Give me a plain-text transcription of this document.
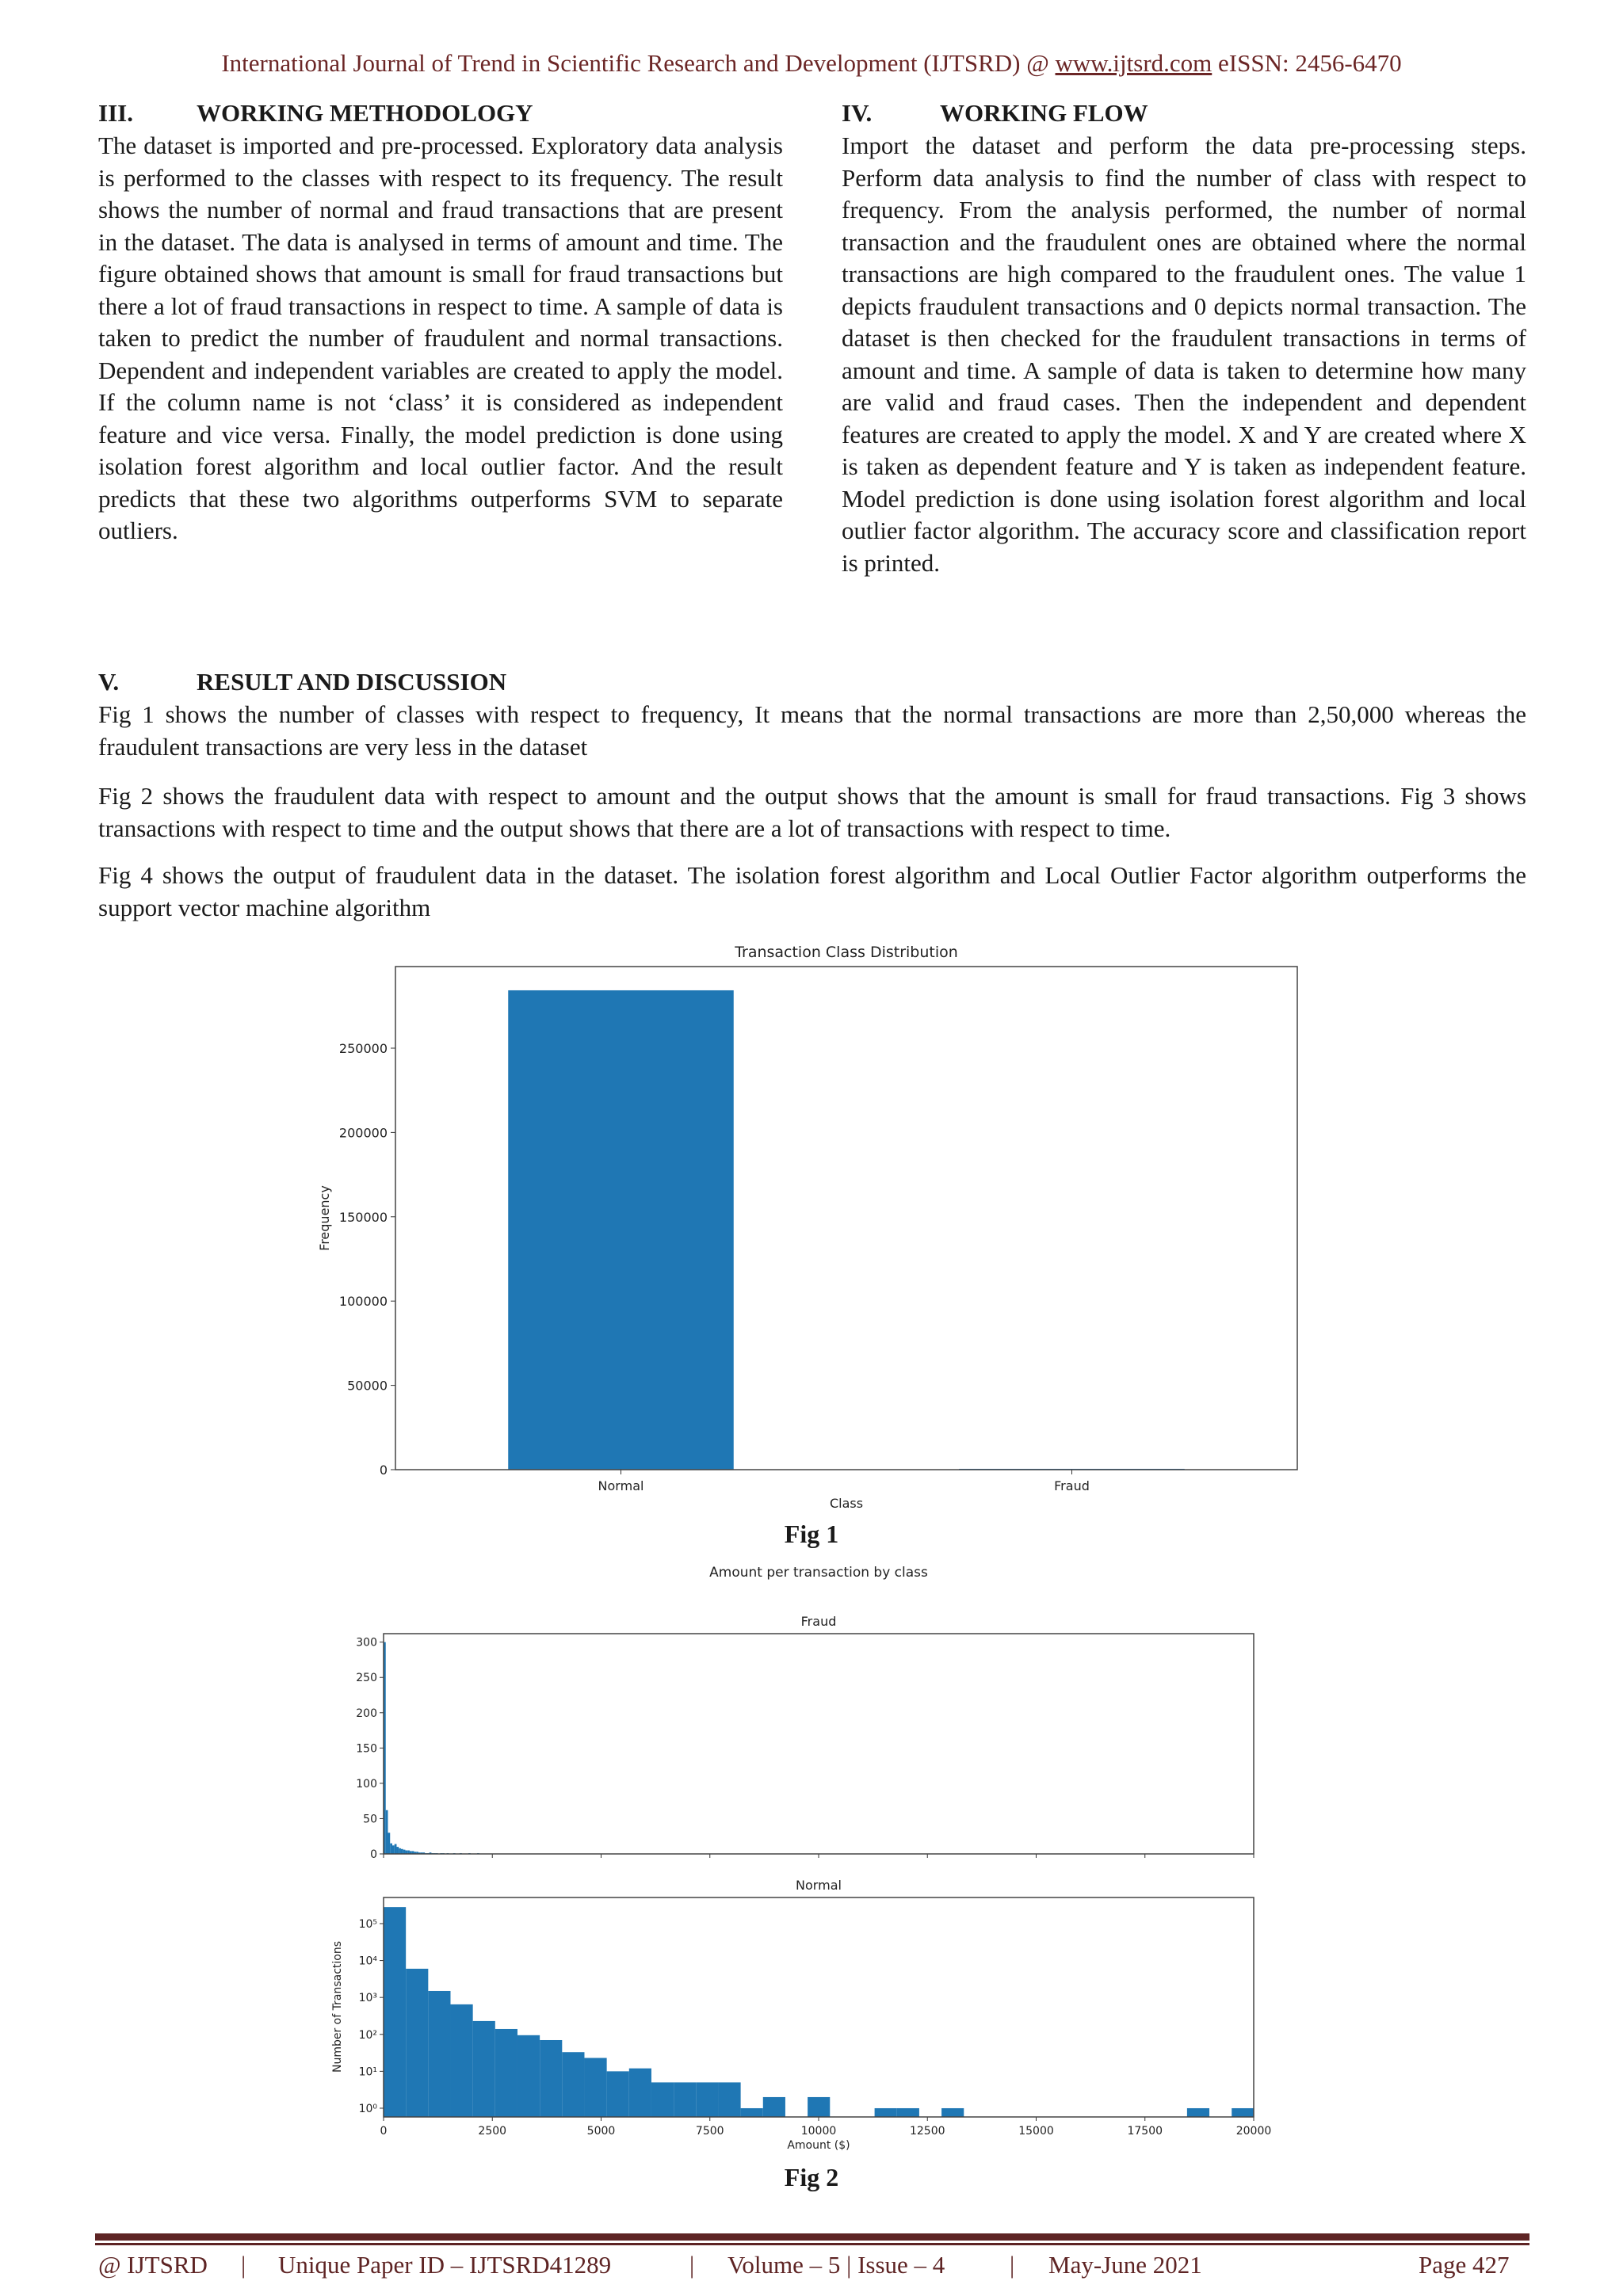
International Journal of Trend in Scientific Research and Development (IJTSRD) @ www.ijtsrd.com eISSN: 2456-6470
III.	WORKING METHODOLOGY

The dataset is imported and pre-processed. Exploratory data analysis is performed to the classes with respect to its frequency. The result shows the number of normal and fraud transactions that are present in the dataset. The data is analysed in terms of amount and time. The figure obtained shows that amount is small for fraud transactions but there a lot of fraud transactions in respect to time. A sample of data is taken to predict the number of fraudulent and normal transactions. Dependent and independent variables are created to apply the model. If the column name is not ‘class’ it is considered as independent feature and vice versa. Finally, the model prediction is done using isolation forest algorithm and local outlier factor. And the result predicts that these two algorithms outperforms SVM to separate outliers.

IV.	WORKING FLOW

Import the dataset and perform the data pre-processing steps. Perform data analysis to find the number of class with respect to frequency. From the analysis performed, the number of normal transaction and the fraudulent ones are obtained where the normal transactions are high compared to the fraudulent ones. The value 1 depicts fraudulent transactions and 0 depicts normal transaction. The dataset is then checked for the fraudulent transactions in terms of amount and time. A sample of data is taken to determine how many are valid and fraud cases. Then the independent and dependent features are created to apply the model. X and Y are created where X is taken as dependent feature and Y is taken as independent feature. Model prediction is done using isolation forest algorithm and local outlier factor algorithm. The accuracy score and classification report is printed.

V.	RESULT AND DISCUSSION

Fig 1 shows the number of classes with respect to frequency, It means that the normal transactions are more than 2,50,000 whereas the fraudulent transactions are very less in the dataset

Fig 2 shows the fraudulent data with respect to amount and the output shows that the amount is small for fraud transactions. Fig 3 shows transactions with respect to time and the output shows that there are a lot of transactions with respect to time.

Fig 4 shows the output of fraudulent data in the dataset. The isolation forest algorithm and Local Outlier Factor algorithm outperforms the support vector machine algorithm

Transaction Class Distribution
Normal	Fraud
0
50000
100000
150000
200000
250000
Class
Frequency
Fig 1
Amount per transaction by class
Fraud
0
50
100
150
200
250
300
Normal
10⁰
10¹
10²
10³
10⁴
10⁵
0	2500	5000	7500	10000	12500	15000	17500	20000
Amount ($)
Number of Transactions
Fig 2
@ IJTSRD | Unique Paper ID – IJTSRD41289	| Volume – 5 | Issue – 4	| May-June 2021	Page 427
